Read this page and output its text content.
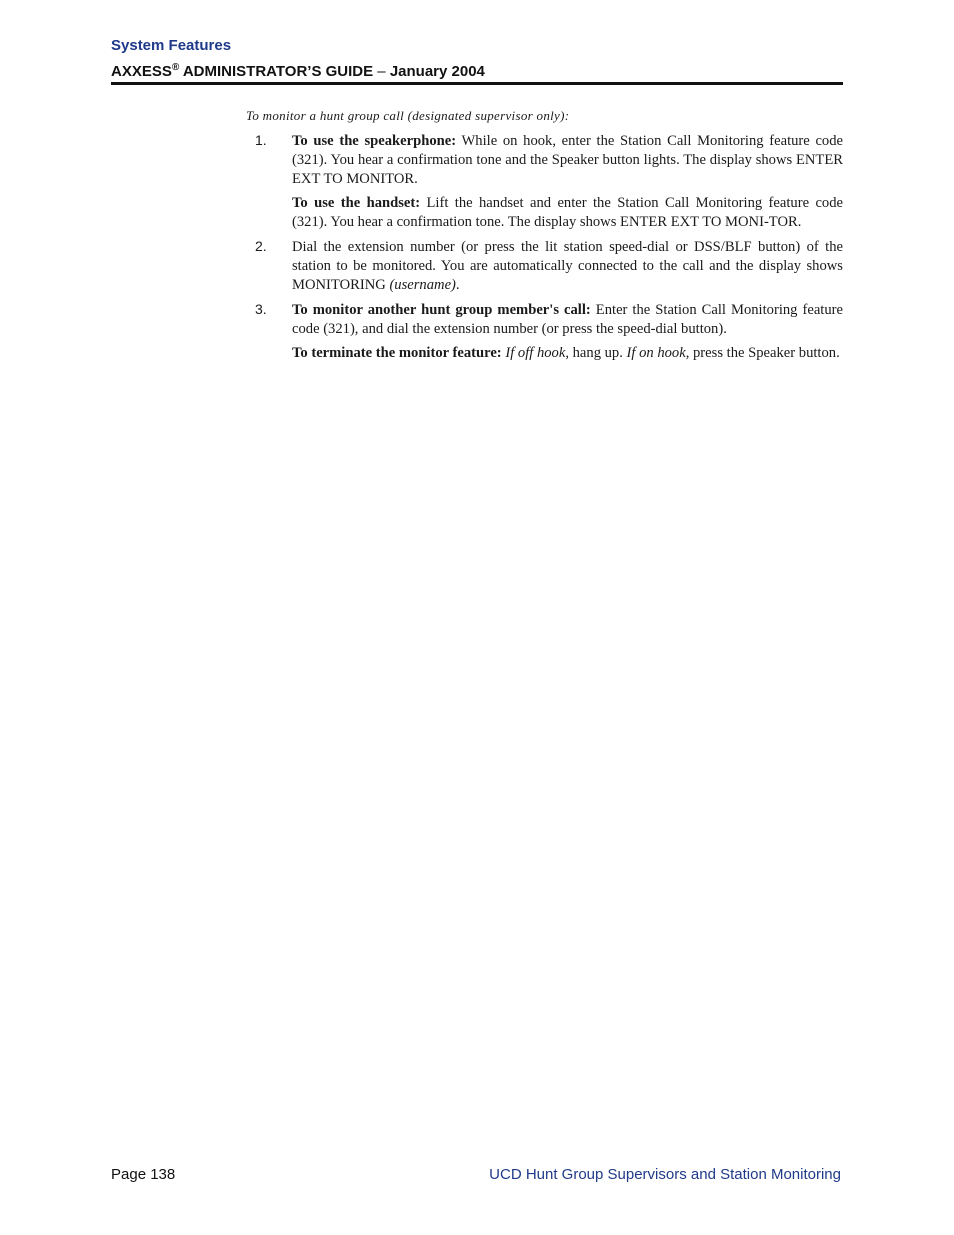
System Features
AXXESS® ADMINISTRATOR’S GUIDE – January 2004
To monitor a hunt group call (designated supervisor only):
1. To use the speakerphone: While on hook, enter the Station Call Monitoring feature code (321). You hear a confirmation tone and the Speaker button lights. The display shows ENTER EXT TO MONITOR.
To use the handset: Lift the handset and enter the Station Call Monitoring feature code (321). You hear a confirmation tone. The display shows ENTER EXT TO MONI-TOR.
2. Dial the extension number (or press the lit station speed-dial or DSS/BLF button) of the station to be monitored. You are automatically connected to the call and the display shows MONITORING (username).
3. To monitor another hunt group member's call: Enter the Station Call Monitoring feature code (321), and dial the extension number (or press the speed-dial button).
To terminate the monitor feature: If off hook, hang up. If on hook, press the Speaker button.
Page 138	UCD Hunt Group Supervisors and Station Monitoring
